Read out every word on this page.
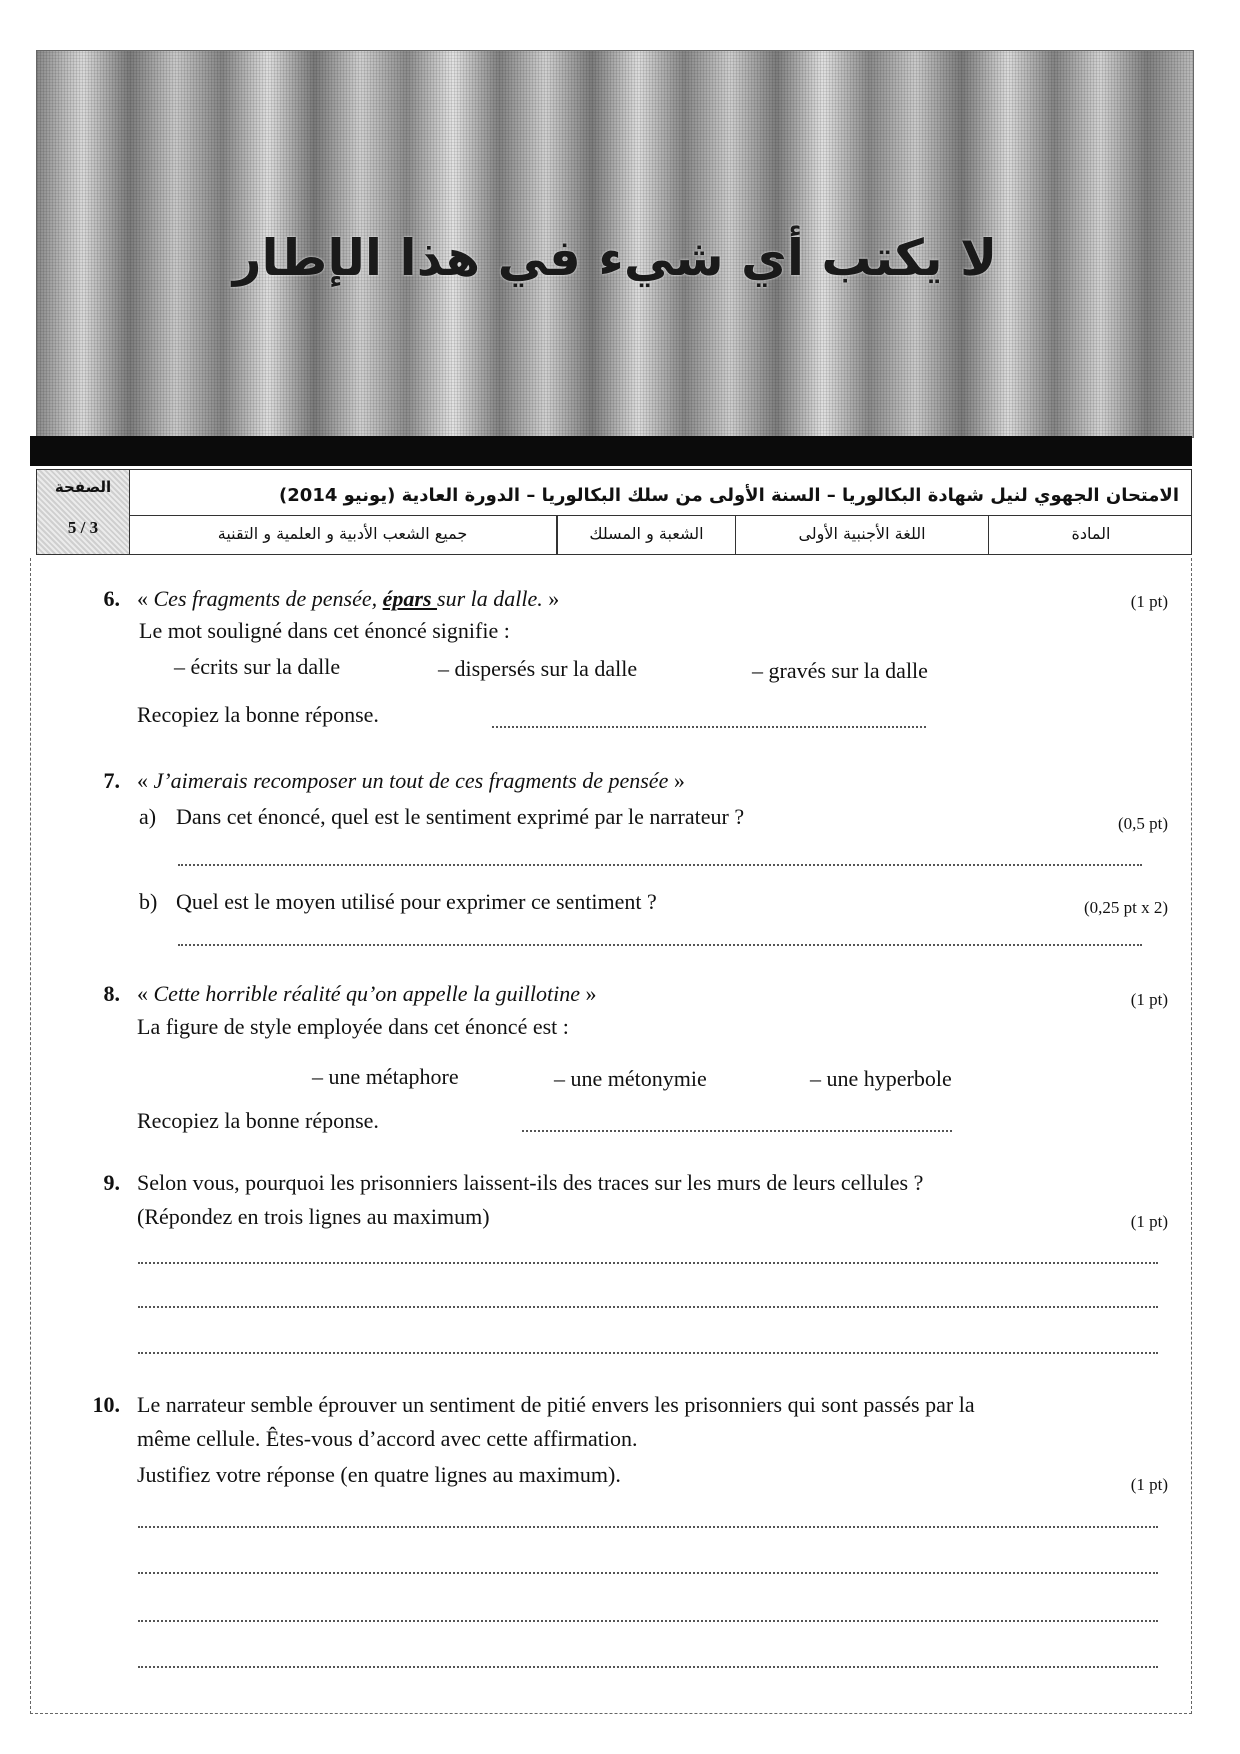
لا يكتب أي شيء في هذا الإطار
الصفحة
5 / 3
الامتحان الجهوي لنيل شهادة البكالوريا – السنة الأولى من سلك البكالوريا – الدورة العادية (يونيو 2014)
جميع الشعب الأدبية و العلمية و التقنية	الشعبة و المسلك	اللغة الأجنبية الأولى	المادة
6. « Ces fragments de pensée, épars sur la dalle. »	(1 pt)
Le mot souligné dans cet énoncé signifie :
– écrits sur la dalle	– dispersés sur la dalle	– gravés sur la dalle
Recopiez la bonne réponse.
7. « J’aimerais recomposer un tout de ces fragments de pensée »
a) Dans cet énoncé, quel est le sentiment exprimé par le narrateur ?	(0,5 pt)
b) Quel est le moyen utilisé pour exprimer ce sentiment ?	(0,25 pt x 2)
8. « Cette horrible réalité qu’on appelle la guillotine »	(1 pt)
La figure de style employée dans cet énoncé est :
– une métaphore	– une métonymie	– une hyperbole
Recopiez la bonne réponse.
9. Selon vous, pourquoi les prisonniers laissent-ils des traces sur les murs de leurs cellules ?
(Répondez en trois lignes au maximum)	(1 pt)
10. Le narrateur semble éprouver un sentiment de pitié envers les prisonniers qui sont passés par la
même cellule. Êtes-vous d’accord avec cette affirmation.
Justifiez votre réponse (en quatre lignes au maximum).	(1 pt)
